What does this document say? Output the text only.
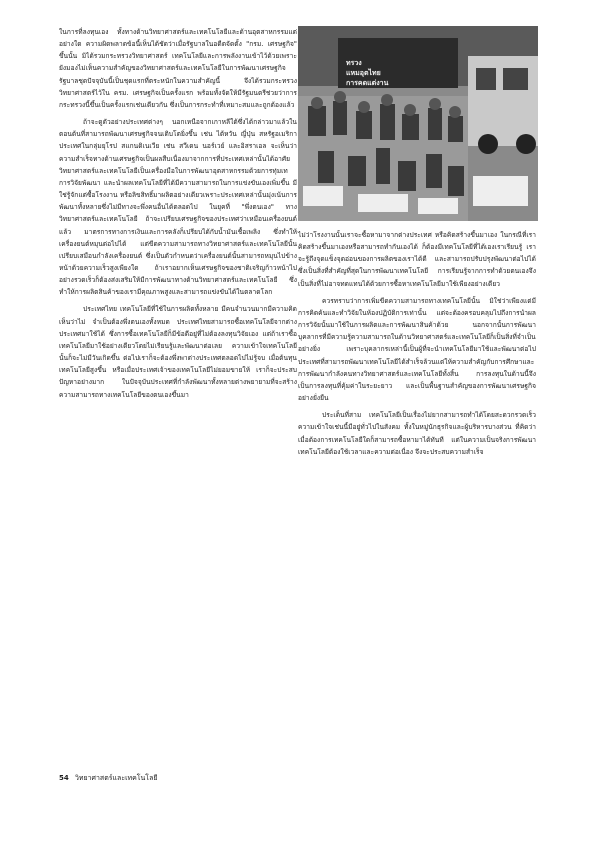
ในการที่ลงทุนเอง ทั้งทางด้านวิทยาศาสตร์และเทคโนโลยีและด้านอุตสาหกรรมแต่อย่างใด ความผิดพลาดข้อนี้เห็นได้ชัดว่าเมื่อรัฐบาลในอดีตจัดตั้ง "กรม. เศรษฐกิจ" ขึ้นนั้น มิได้รวมกระทรวงวิทยาศาสตร์ เทคโนโลยีและการพลังงานเข้าไว้ด้วยเพราะยังมองไม่เห็นความสำคัญของวิทยาศาสตร์และเทคโนโลยีในการพัฒนาเศรษฐกิจ รัฐบาลชุดปัจจุบันนี้เป็นชุดแรกที่ตระหนักในความสำคัญนี้ จึงได้รวมกระทรวงวิทยาศาสตร์ไว้ใน ครม. เศรษฐกิจเป็นครั้งแรก พร้อมทั้งจัดให้มีรัฐมนตรีช่วยว่าการกระทรวงนี้ขึ้นเป็นครั้งแรกเช่นเดียวกัน ซึ่งเป็นการกระทำที่เหมาะสมและถูกต้องแล้ว

ถ้าจะดูตัวอย่างประเทศต่างๆ นอกเหนือจากเกาหลีใต้ซึ่งได้กล่าวมาแล้วในตอนต้นที่สามารถพัฒนาเศรษฐกิจจนเติบโตยิ่งขึ้น เช่น ไต้หวัน ญี่ปุ่น สหรัฐอเมริกา ประเทศในกลุ่มยุโรป สแกนดิเนเวีย เช่น สวีเดน นอร์เวย์ และอิสราเอล จะเห็นว่าความสำเร็จทางด้านเศรษฐกิจเป็นผลสืบเนื่องมาจากการที่ประเทศเหล่านั้นได้อาศัยวิทยาศาสตร์และเทคโนโลยีเป็นเครื่องมือในการพัฒนาอุตสาหกรรมด้วยการทุ่มเทการวิจัยพัฒนา และนำผลเทคโนโลยีที่ได้มีความสามารถในการแข่งขันเองเพิ่มขึ้น มีใช่รู้จักแต่ซื้อโรงงาน หรือลิขสิทธิ์มาผลิตอย่างเดียวเพราะประเทศเหล่านั้นมุ่งเน้นการพัฒนาทั้งหลายซึ่งไม่มีทางจะพึ่งคนอื่นได้ตลอดไป ในยุคที่ "พึ่งตนเอง" ทางวิทยาศาสตร์และเทคโนโลยี ถ้าจะเปรียบเศรษฐกิจของประเทศว่าเหมือนเครื่องยนต์แล้ว มาตรการทางการเงินและการคลังก็เปรียบได้กับน้ำมันเชื้อเพลิง ซึ่งทำให้เครื่องยนต์หมุนต่อไปได้ แต่ขีดความสามารถทางวิทยาศาสตร์และเทคโนโลยีนั้นเปรียบเสมือนกำลังเครื่องยนต์ ซึ่งเป็นตัวกำหนดว่าเครื่องยนต์นั้นสามารถหมุนไปข้างหน้าด้วยความเร็วสูงเพียงใด ถ้าเราอยากเห็นเศรษฐกิจของชาติเจริญก้าวหน้าไปอย่างรวดเร็วก็ต้องส่งเสริมให้มีการพัฒนาทางด้านวิทยาศาสตร์และเทคโนโลยี ซึ่งทำให้การผลิตสินค้าของเรามีคุณภาพสูงและสามารถแข่งขันได้ในตลาดโลก

ประเทศไทย เทคโนโลยีที่ใช้ในการผลิตทั้งหลาย มีคนจำนวนมากมีความคิดเห็นว่าไม่ จำเป็นต้องพึ่งตนเองทั้งหมด ประเทศไทยสามารถซื้อเทคโนโลยีจากต่างประเทศมาใช้ได้ ซึ่งการซื้อเทคโนโลยีก็มีข้อดีอยู่ที่ไม่ต้องลงทุนวิจัยเอง แต่ถ้าเราซื้อเทคโนโลยีมาใช้อย่างเดียวโดยไม่เรียนรู้และพัฒนาต่อเลย ความเข้าใจเทคโนโลยีนั้นก็จะไม่มีวันเกิดขึ้น ต่อไปเราก็จะต้องพึ่งพาต่างประเทศตลอดไปไม่รู้จบ เมื่อต้นทุนเทคโนโลยีสูงขึ้น หรือเมื่อประเทศเจ้าของเทคโนโลยีไม่ยอมขายให้ เราก็จะประสบปัญหาอย่างมาก ในปัจจุบันประเทศที่กำลังพัฒนาทั้งหลายต่างพยายามที่จะสร้างความสามารถทางเทคโนโลยีของตนเองขึ้นมา

ทรวง
แหมอุตไทย
การคดแต่งาน

ไม่ว่าโรงงานนั้นเราจะซื้อหามาจากต่างประเทศ หรือคิดสร้างขึ้นมาเอง ในกรณีที่เราคิดสร้างขึ้นมาเองหรือสามารถทำกันเองได้ ก็ต้องมีเทคโนโลยีที่ได้เองเราเรียนรู้ เราจะรู้ถึงจุดแข็งจุดอ่อนของการผลิตของเราได้ดี และสามารถปรับปรุงพัฒนาต่อไปได้ ซึ่งเป็นสิ่งที่สำคัญที่สุดในการพัฒนาเทคโนโลยี การเรียนรู้จากการทำด้วยตนเองจึงเป็นสิ่งที่ไม่อาจทดแทนได้ด้วยการซื้อหาเทคโนโลยีมาใช้เพียงอย่างเดียว

ควรทราบว่าการเพิ่มขีดความสามารถทางเทคโนโลยีนั้น มิใช่ว่าเพียงแต่มีการคิดค้นและทำวิจัยในห้องปฏิบัติการเท่านั้น แต่จะต้องครอบคลุมไปถึงการนำผลการวิจัยนั้นมาใช้ในการผลิตและการพัฒนาสินค้าด้วย นอกจากนั้นการพัฒนาบุคลากรที่มีความรู้ความสามารถในด้านวิทยาศาสตร์และเทคโนโลยีก็เป็นสิ่งที่จำเป็นอย่างยิ่ง เพราะบุคลากรเหล่านี้เป็นผู้ที่จะนำเทคโนโลยีมาใช้และพัฒนาต่อไป ประเทศที่สามารถพัฒนาเทคโนโลยีได้สำเร็จล้วนแต่ให้ความสำคัญกับการศึกษาและการพัฒนากำลังคนทางวิทยาศาสตร์และเทคโนโลยีทั้งสิ้น การลงทุนในด้านนี้จึงเป็นการลงทุนที่คุ้มค่าในระยะยาว และเป็นพื้นฐานสำคัญของการพัฒนาเศรษฐกิจอย่างยั่งยืน

ประเด็นที่สาม เทคโนโลยีเป็นเรื่องไม่ยากสามารถทำได้โดยสะดวกรวดเร็ว ความเข้าใจเช่นนี้มีอยู่ทั่วไปในสังคม ทั้งในหมู่นักธุรกิจและผู้บริหารบางส่วน ที่คิดว่าเมื่อต้องการเทคโนโลยีใดก็สามารถซื้อหามาได้ทันที แต่ในความเป็นจริงการพัฒนาเทคโนโลยีต้องใช้เวลาและความต่อเนื่อง จึงจะประสบความสำเร็จ

54 วิทยาศาสตร์และเทคโนโลยี
